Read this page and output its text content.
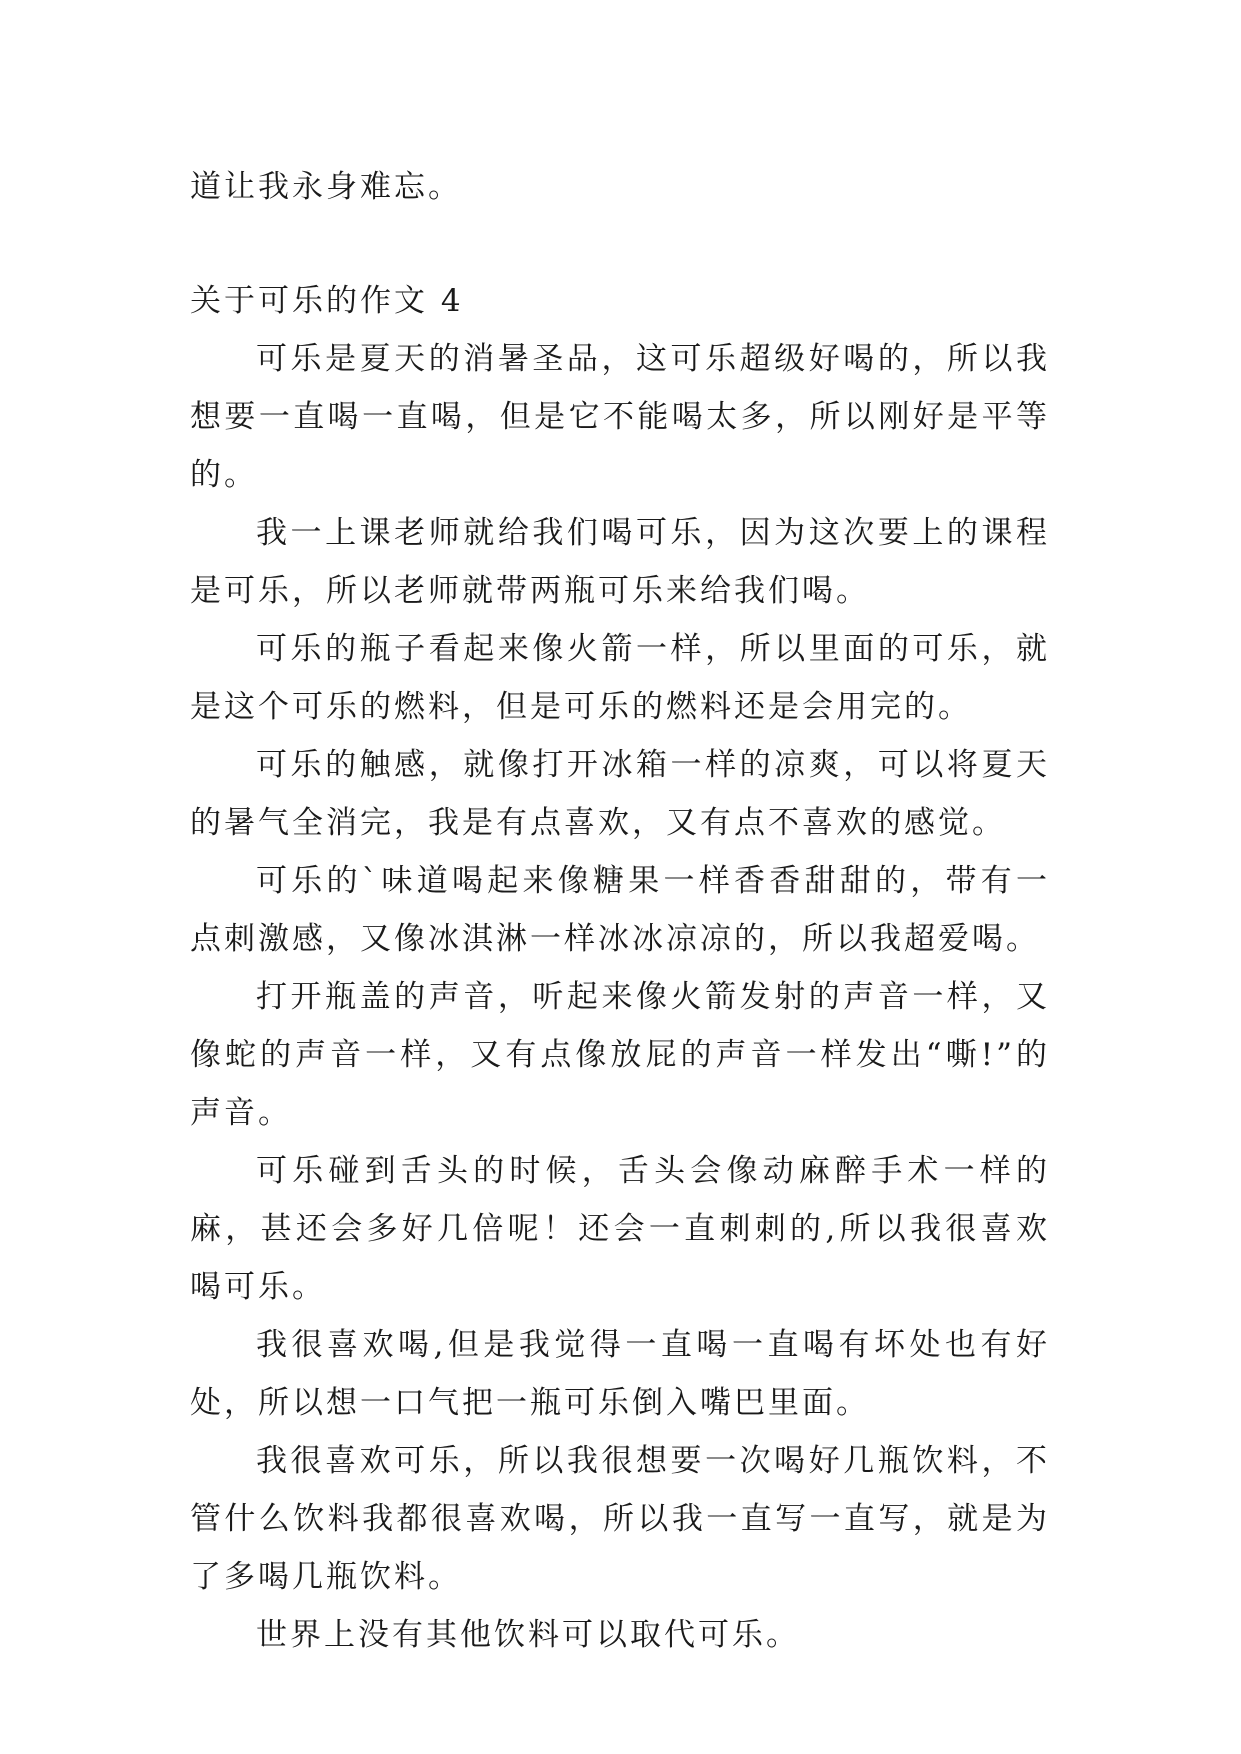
道让我永身难忘。

关于可乐的作文 4

可乐是夏天的消暑圣品，这可乐超级好喝的，所以我想要一直喝一直喝，但是它不能喝太多，所以刚好是平等的。

我一上课老师就给我们喝可乐，因为这次要上的课程是可乐，所以老师就带两瓶可乐来给我们喝。

可乐的瓶子看起来像火箭一样，所以里面的可乐，就是这个可乐的燃料，但是可乐的燃料还是会用完的。

可乐的触感，就像打开冰箱一样的凉爽，可以将夏天的暑气全消完，我是有点喜欢，又有点不喜欢的感觉。

可乐的`味道喝起来像糖果一样香香甜甜的，带有一点刺激感，又像冰淇淋一样冰冰凉凉的，所以我超爱喝。

打开瓶盖的声音，听起来像火箭发射的声音一样，又像蛇的声音一样，又有点像放屁的声音一样发出“嘶!”的声音。

可乐碰到舌头的时候，舌头会像动麻醉手术一样的麻，甚还会多好几倍呢！还会一直刺刺的,所以我很喜欢喝可乐。

我很喜欢喝,但是我觉得一直喝一直喝有坏处也有好处，所以想一口气把一瓶可乐倒入嘴巴里面。

我很喜欢可乐，所以我很想要一次喝好几瓶饮料，不管什么饮料我都很喜欢喝，所以我一直写一直写，就是为了多喝几瓶饮料。

世界上没有其他饮料可以取代可乐。
